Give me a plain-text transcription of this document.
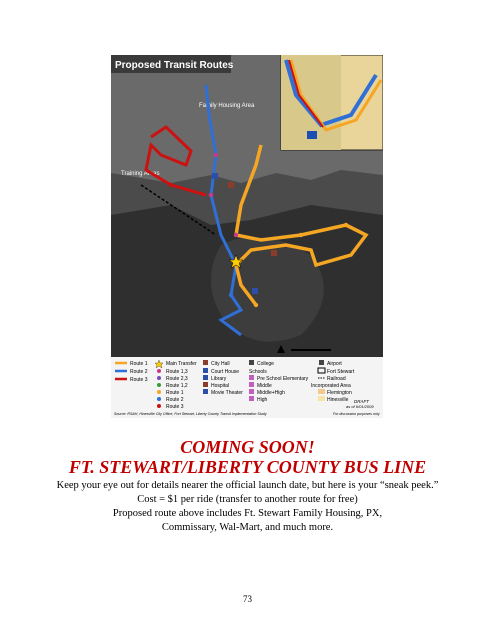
Proposed Transit Routes
Family Housing Area
Training Areas
Route 1
Route 2
Route 3
Main Transfer
Route 1,3
Route 2,3
Route 1,2
Route 1
Route 2
Route 3
City Hall
Court House
Library
Hospital
Movie Theater
Schools
College
Pre School Elementary
Middle
Middle+High
High
Airport
Fort Stewart
Railroad
Incorporated Area
Flemington
Hinesville DRAFT
as of 6/01/2009
Source: RS&H, Hinesville City Office, Fort Stewart, Liberty County Transit Implementation Study	For discussion purposes only
COMING SOON!
FT. STEWART/LIBERTY COUNTY BUS LINE
Keep your eye out for details nearer the official launch date, but here is your “sneak peek.”
Cost = $1 per ride (transfer to another route for free)
Proposed route above includes Ft. Stewart Family Housing, PX,
Commissary, Wal-Mart, and much more.
73
